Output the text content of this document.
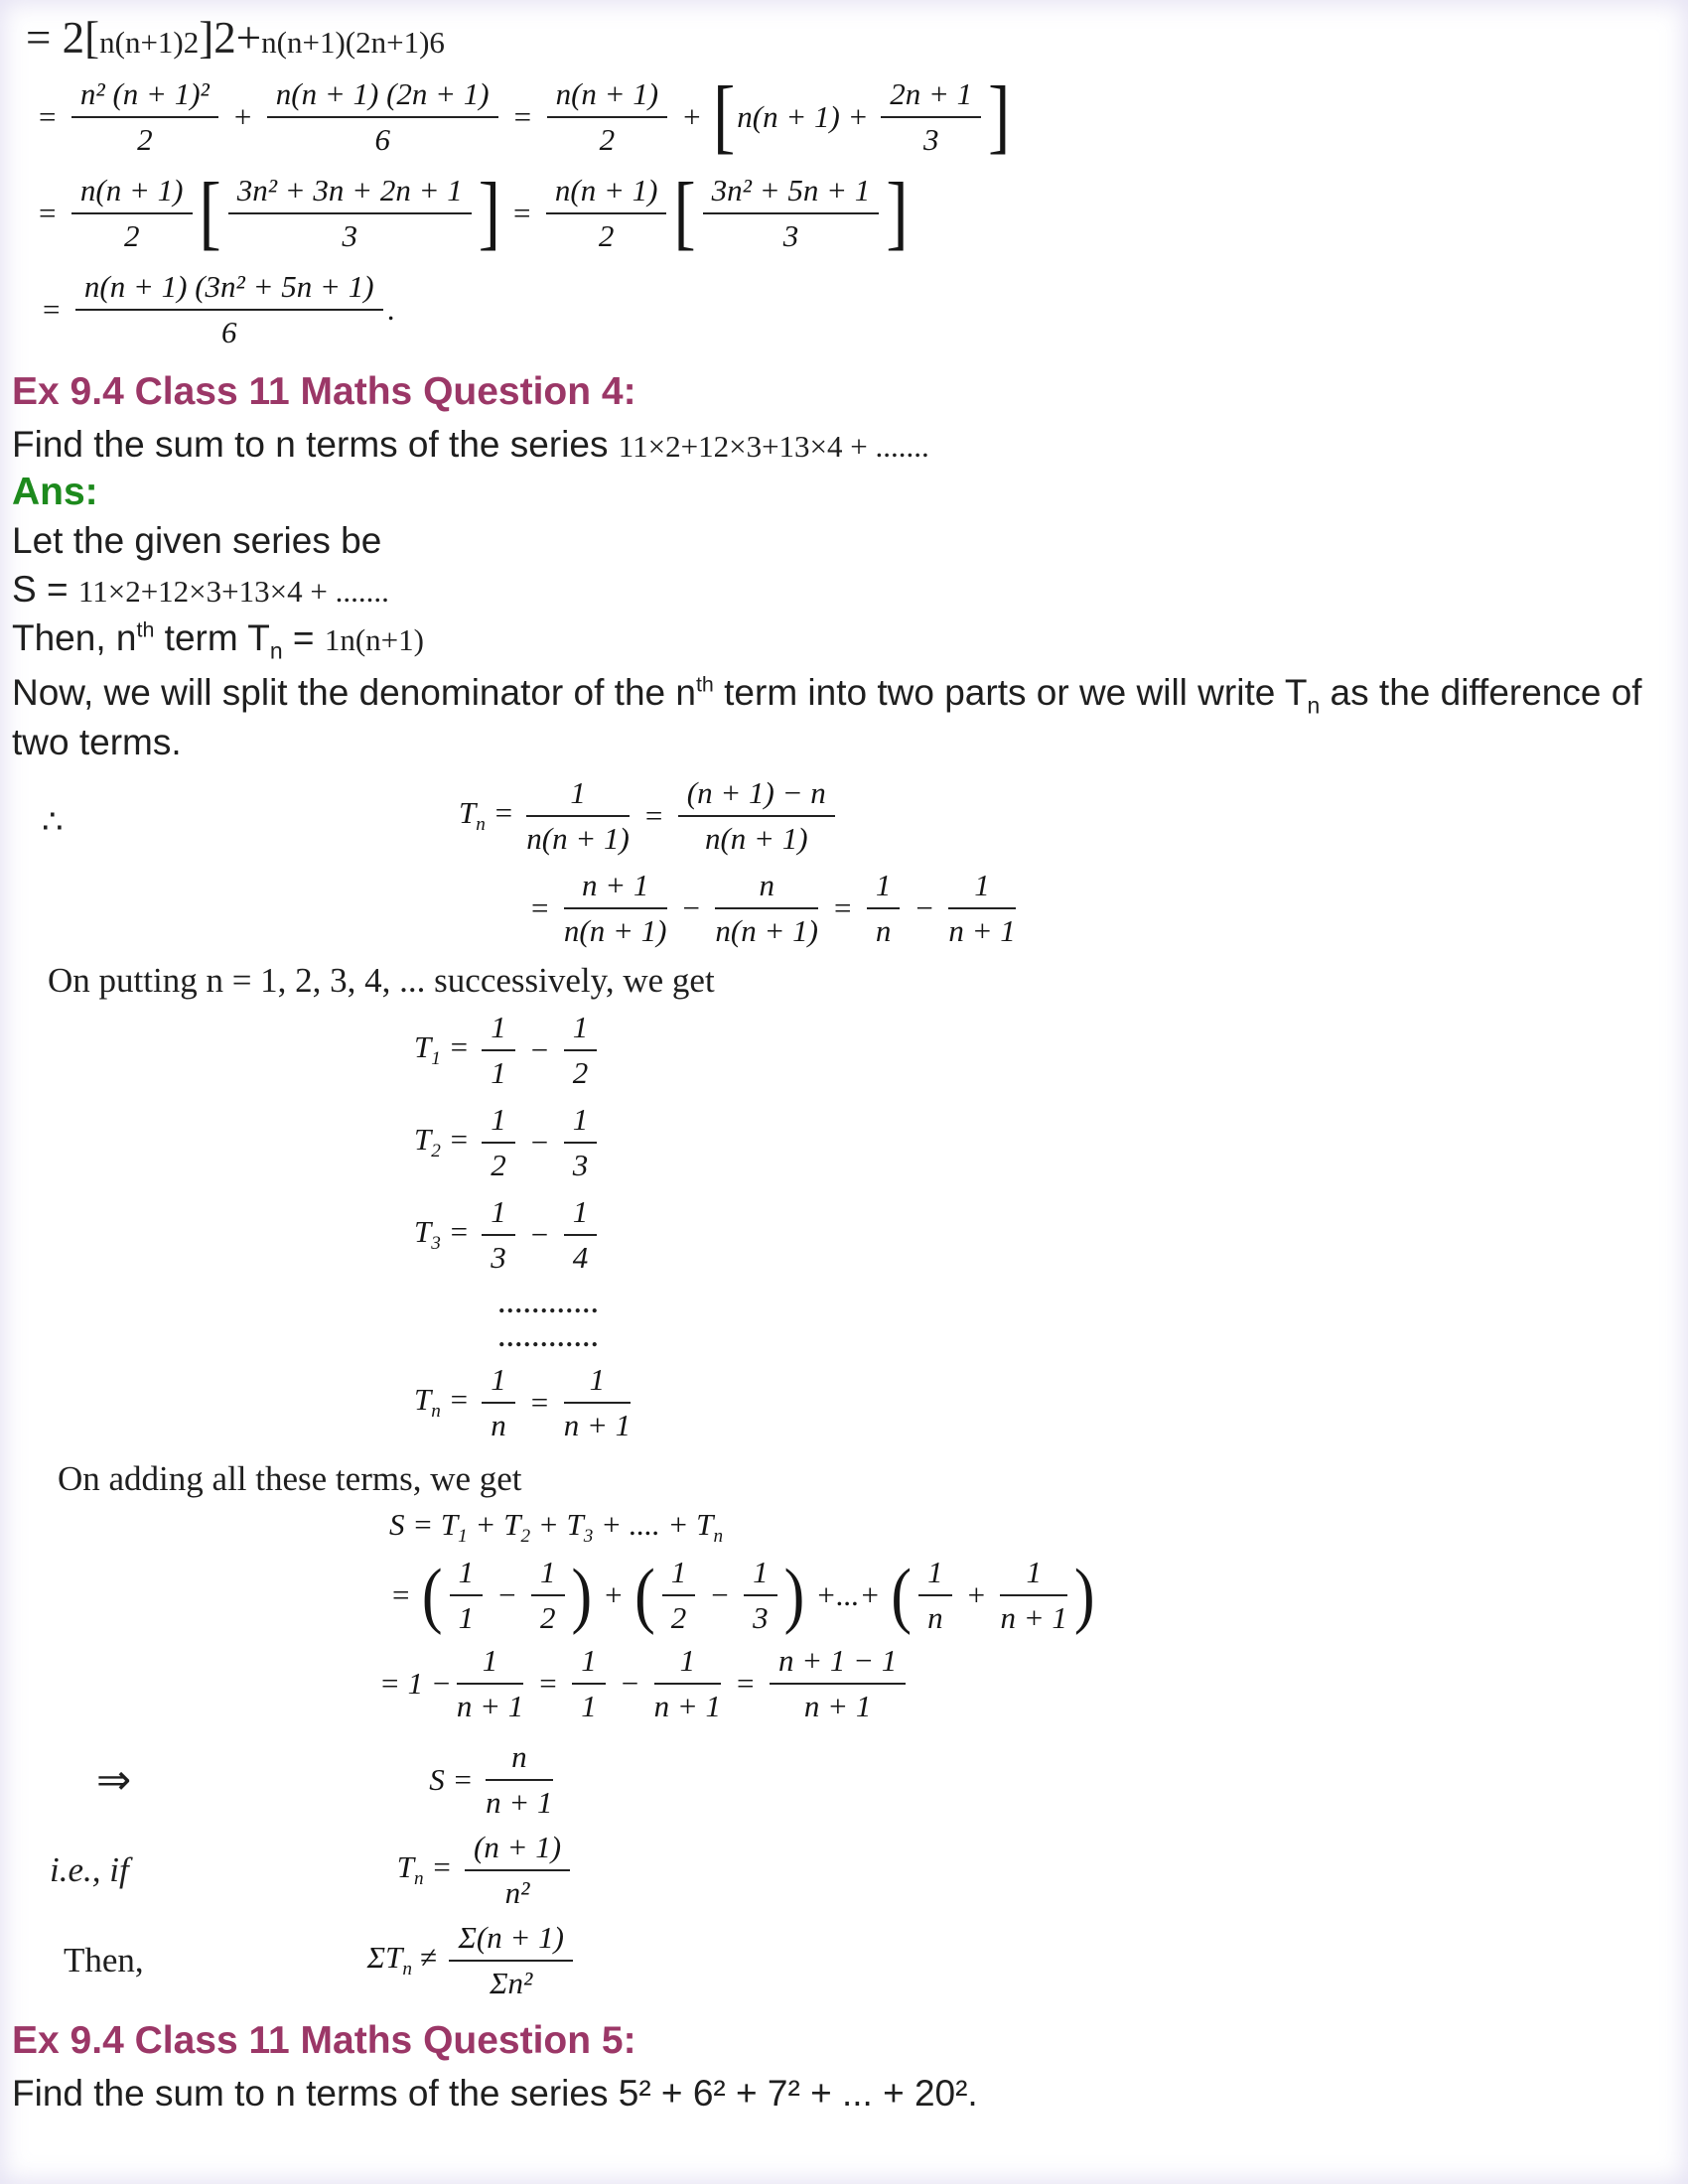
= 2[ n(n+1)2 ]2+ n(n+1)(2n+1)6
= $\frac{\text{n² (n + 1)²}}{2} + \frac{n(n + 1) (2n + 1)}{6} = \frac{n(n + 1)}{2}$ + [ $n(n + 1) + \frac{2n + 1}{3}$ ]
= $\frac{n(n + 1)}{2}$ [ $\frac{\text{3n² + 3n + 2n + 1}}{3}$ ] = $\frac{n(n + 1)}{2}$ [ $\frac{\text{3n² + 5n + 1}}{3}$ ]
= $\frac{\text{n(n + 1) (3n² + 5n + 1)}}{6}$ .
Ex 9.4 Class 11 Maths Question 4:
Find the sum to n terms of the series 11×2+12×3+13×4 + .......
Ans:
Let the given series be
S = 11×2+12×3+13×4 + .......
Then, $n^{th}$ term $T_n = 1n(n+1)$
Now, we will split the denominator of the $n^{th}$ term into two parts or we will write $T_n$ as the difference of two terms.
∴	$T_n = \frac{1}{n(n + 1)} = \frac{(n + 1) - n}{n(n + 1)}$
= $\frac{n + 1}{n(n + 1)} - \frac{n}{n(n + 1)} = \frac{1}{n} - \frac{1}{n + 1}$
On putting n = 1, 2, 3, 4, ... successively, we get
$T_1 = \frac{1}{1} - \frac{1}{2}$
$T_2 = \frac{1}{2} - \frac{1}{3}$
$T_3 = \frac{1}{3} - \frac{1}{4}$
............
............
$T_n = \frac{1}{n} = \frac{1}{n + 1}$
On adding all these terms, we get
$S = T_1 + T_2 + T_3$ + .... + $T_n$
= ( $\frac{1}{1} - \frac{1}{2}$ ) + ( $\frac{1}{2} - \frac{1}{3}$ ) +...+ ( $\frac{1}{n} + \frac{1}{n + 1}$ )
= $1 - \frac{1}{n + 1} = \frac{1}{1} - \frac{1}{n + 1} = \frac{n + 1 - 1}{n + 1}$
⇒	$S = \frac{n}{n + 1}$
i.e., if	$T_n = \frac{(n + 1)}{\text{n²}}$
Then,	$\Sigma T_n \ne \frac{\Sigma(n + 1)}{\text{Σn²}}$
Ex 9.4 Class 11 Maths Question 5:
Find the sum to n terms of the series 5² + 6² + 7² + ... + 20².
